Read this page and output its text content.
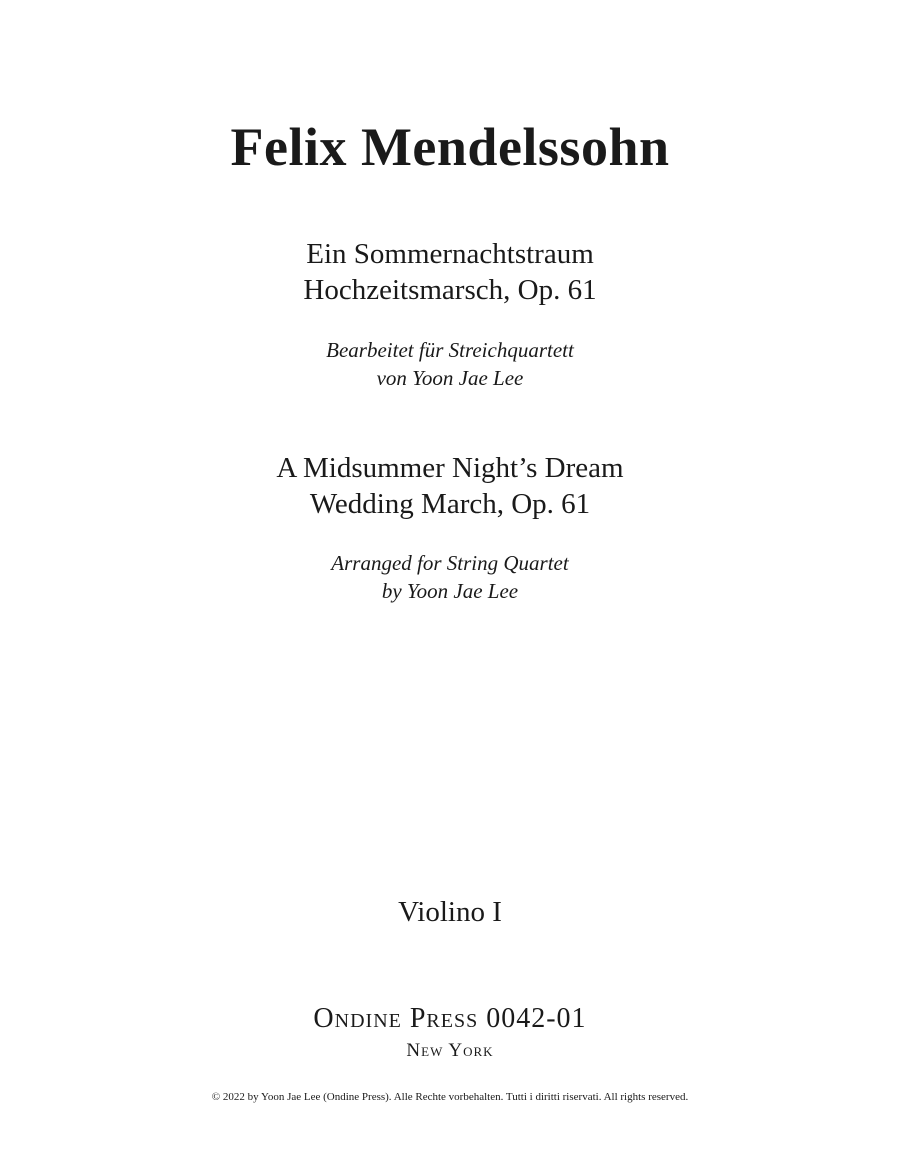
Felix Mendelssohn
Ein Sommernachtstraum
Hochzeitsmarsch, Op. 61
Bearbeitet für Streichquartett
von Yoon Jae Lee
A Midsummer Night’s Dream
Wedding March, Op. 61
Arranged for String Quartet
by Yoon Jae Lee
Violino I
Ondine Press 0042-01
New York
© 2022 by Yoon Jae Lee (Ondine Press). Alle Rechte vorbehalten. Tutti i diritti riservati. All rights reserved.
